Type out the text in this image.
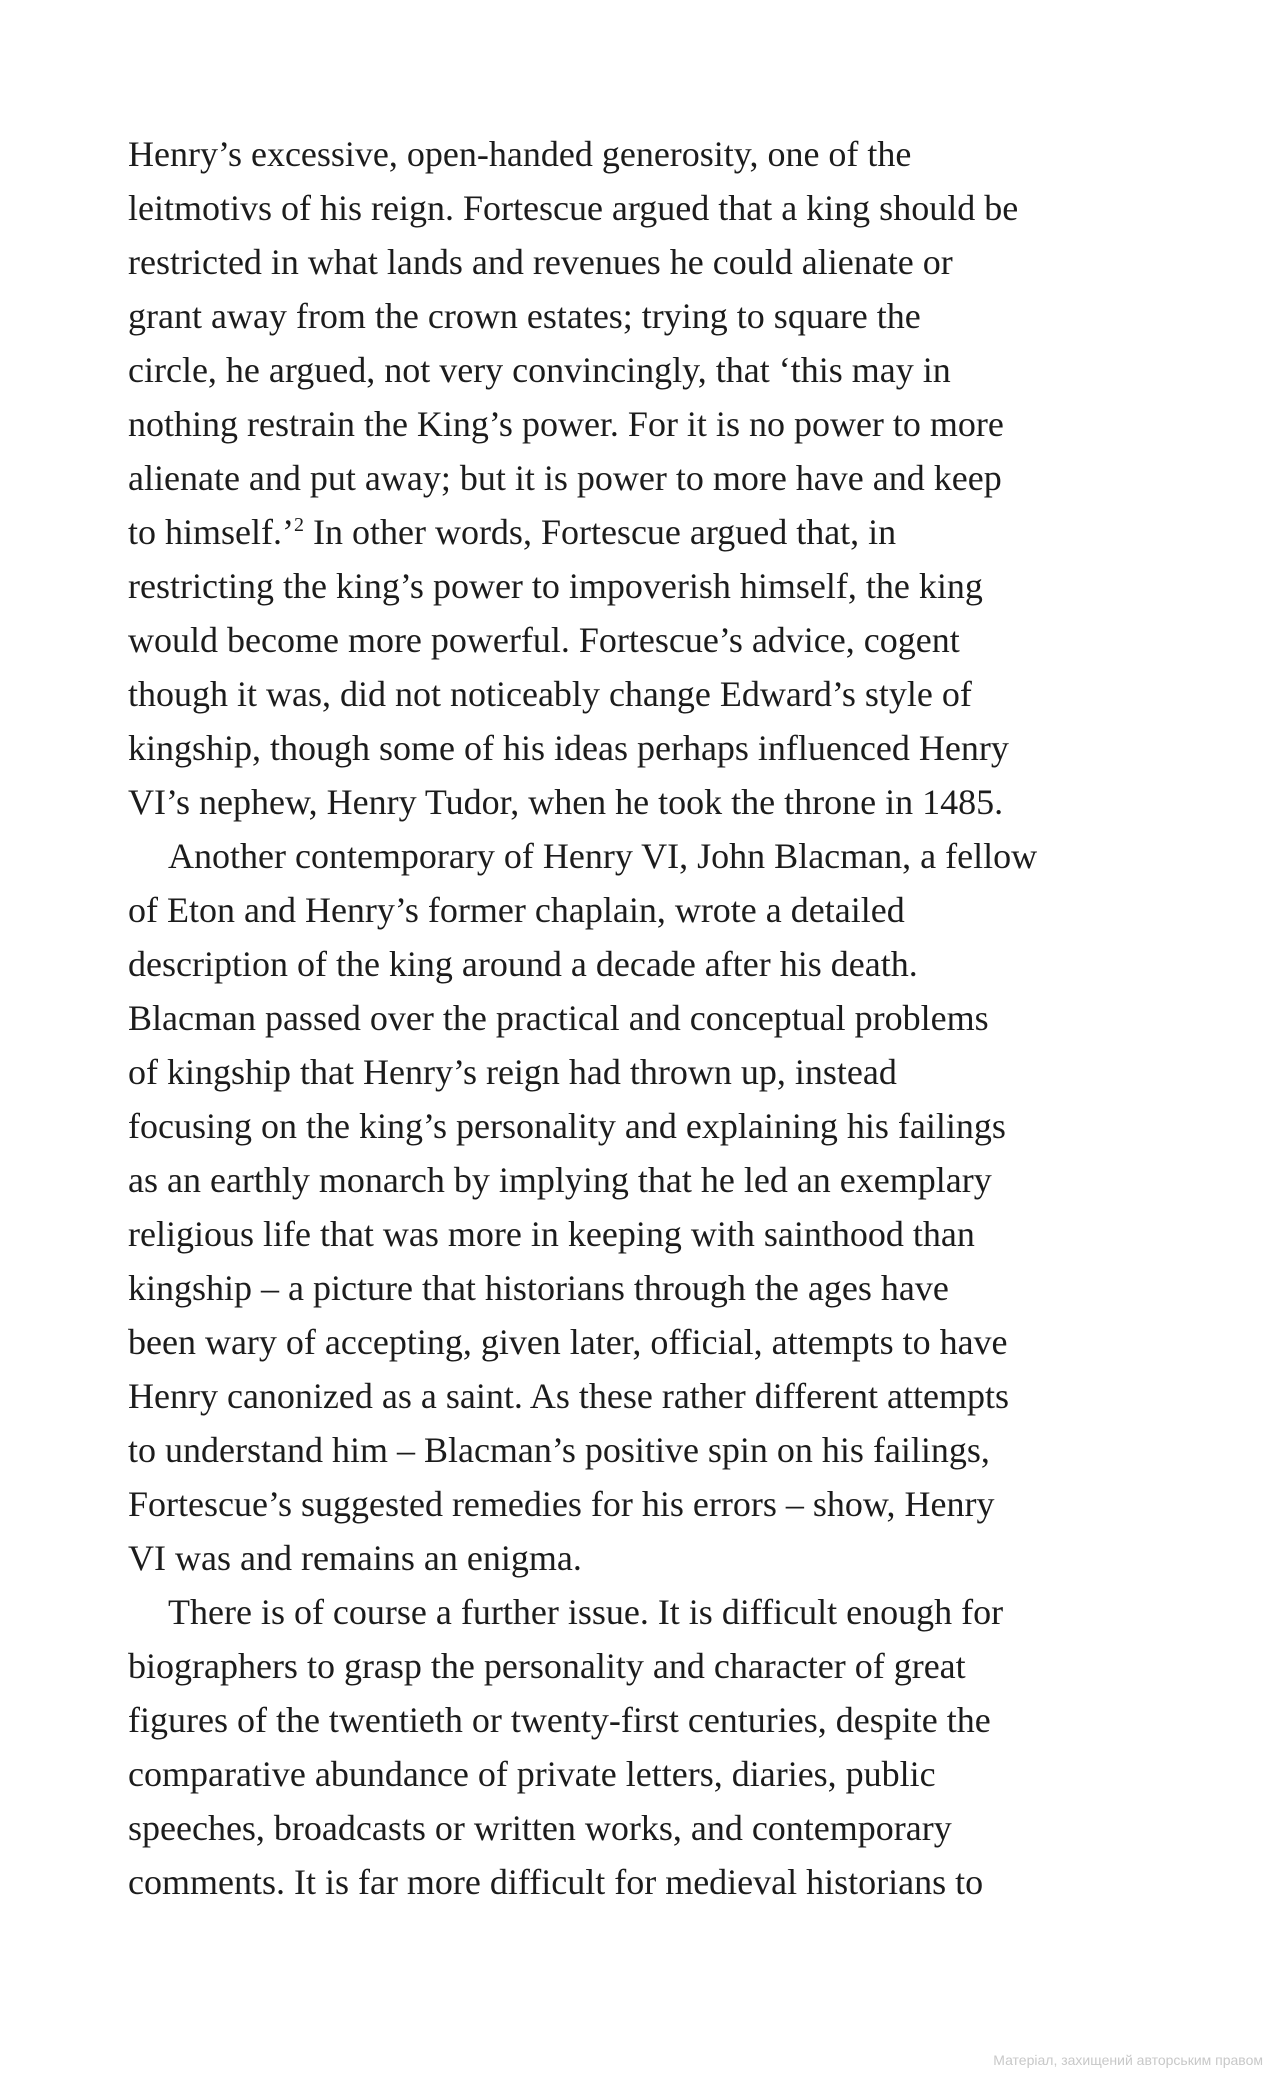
Henry’s excessive, open-handed generosity, one of the
leitmotivs of his reign. Fortescue argued that a king should be
restricted in what lands and revenues he could alienate or
grant away from the crown estates; trying to square the
circle, he argued, not very convincingly, that ‘this may in
nothing restrain the King’s power. For it is no power to more
alienate and put away; but it is power to more have and keep
to himself.’$^2$ In other words, Fortescue argued that, in
restricting the king’s power to impoverish himself, the king
would become more powerful. Fortescue’s advice, cogent
though it was, did not noticeably change Edward’s style of
kingship, though some of his ideas perhaps influenced Henry
VI’s nephew, Henry Tudor, when he took the throne in 1485.

Another contemporary of Henry VI, John Blacman, a fellow
of Eton and Henry’s former chaplain, wrote a detailed
description of the king around a decade after his death.
Blacman passed over the practical and conceptual problems
of kingship that Henry’s reign had thrown up, instead
focusing on the king’s personality and explaining his failings
as an earthly monarch by implying that he led an exemplary
religious life that was more in keeping with sainthood than
kingship – a picture that historians through the ages have
been wary of accepting, given later, official, attempts to have
Henry canonized as a saint. As these rather different attempts
to understand him – Blacman’s positive spin on his failings,
Fortescue’s suggested remedies for his errors – show, Henry
VI was and remains an enigma.

There is of course a further issue. It is difficult enough for
biographers to grasp the personality and character of great
figures of the twentieth or twenty-first centuries, despite the
comparative abundance of private letters, diaries, public
speeches, broadcasts or written works, and contemporary
comments. It is far more difficult for medieval historians to

Матеріал, захищений авторським правом
